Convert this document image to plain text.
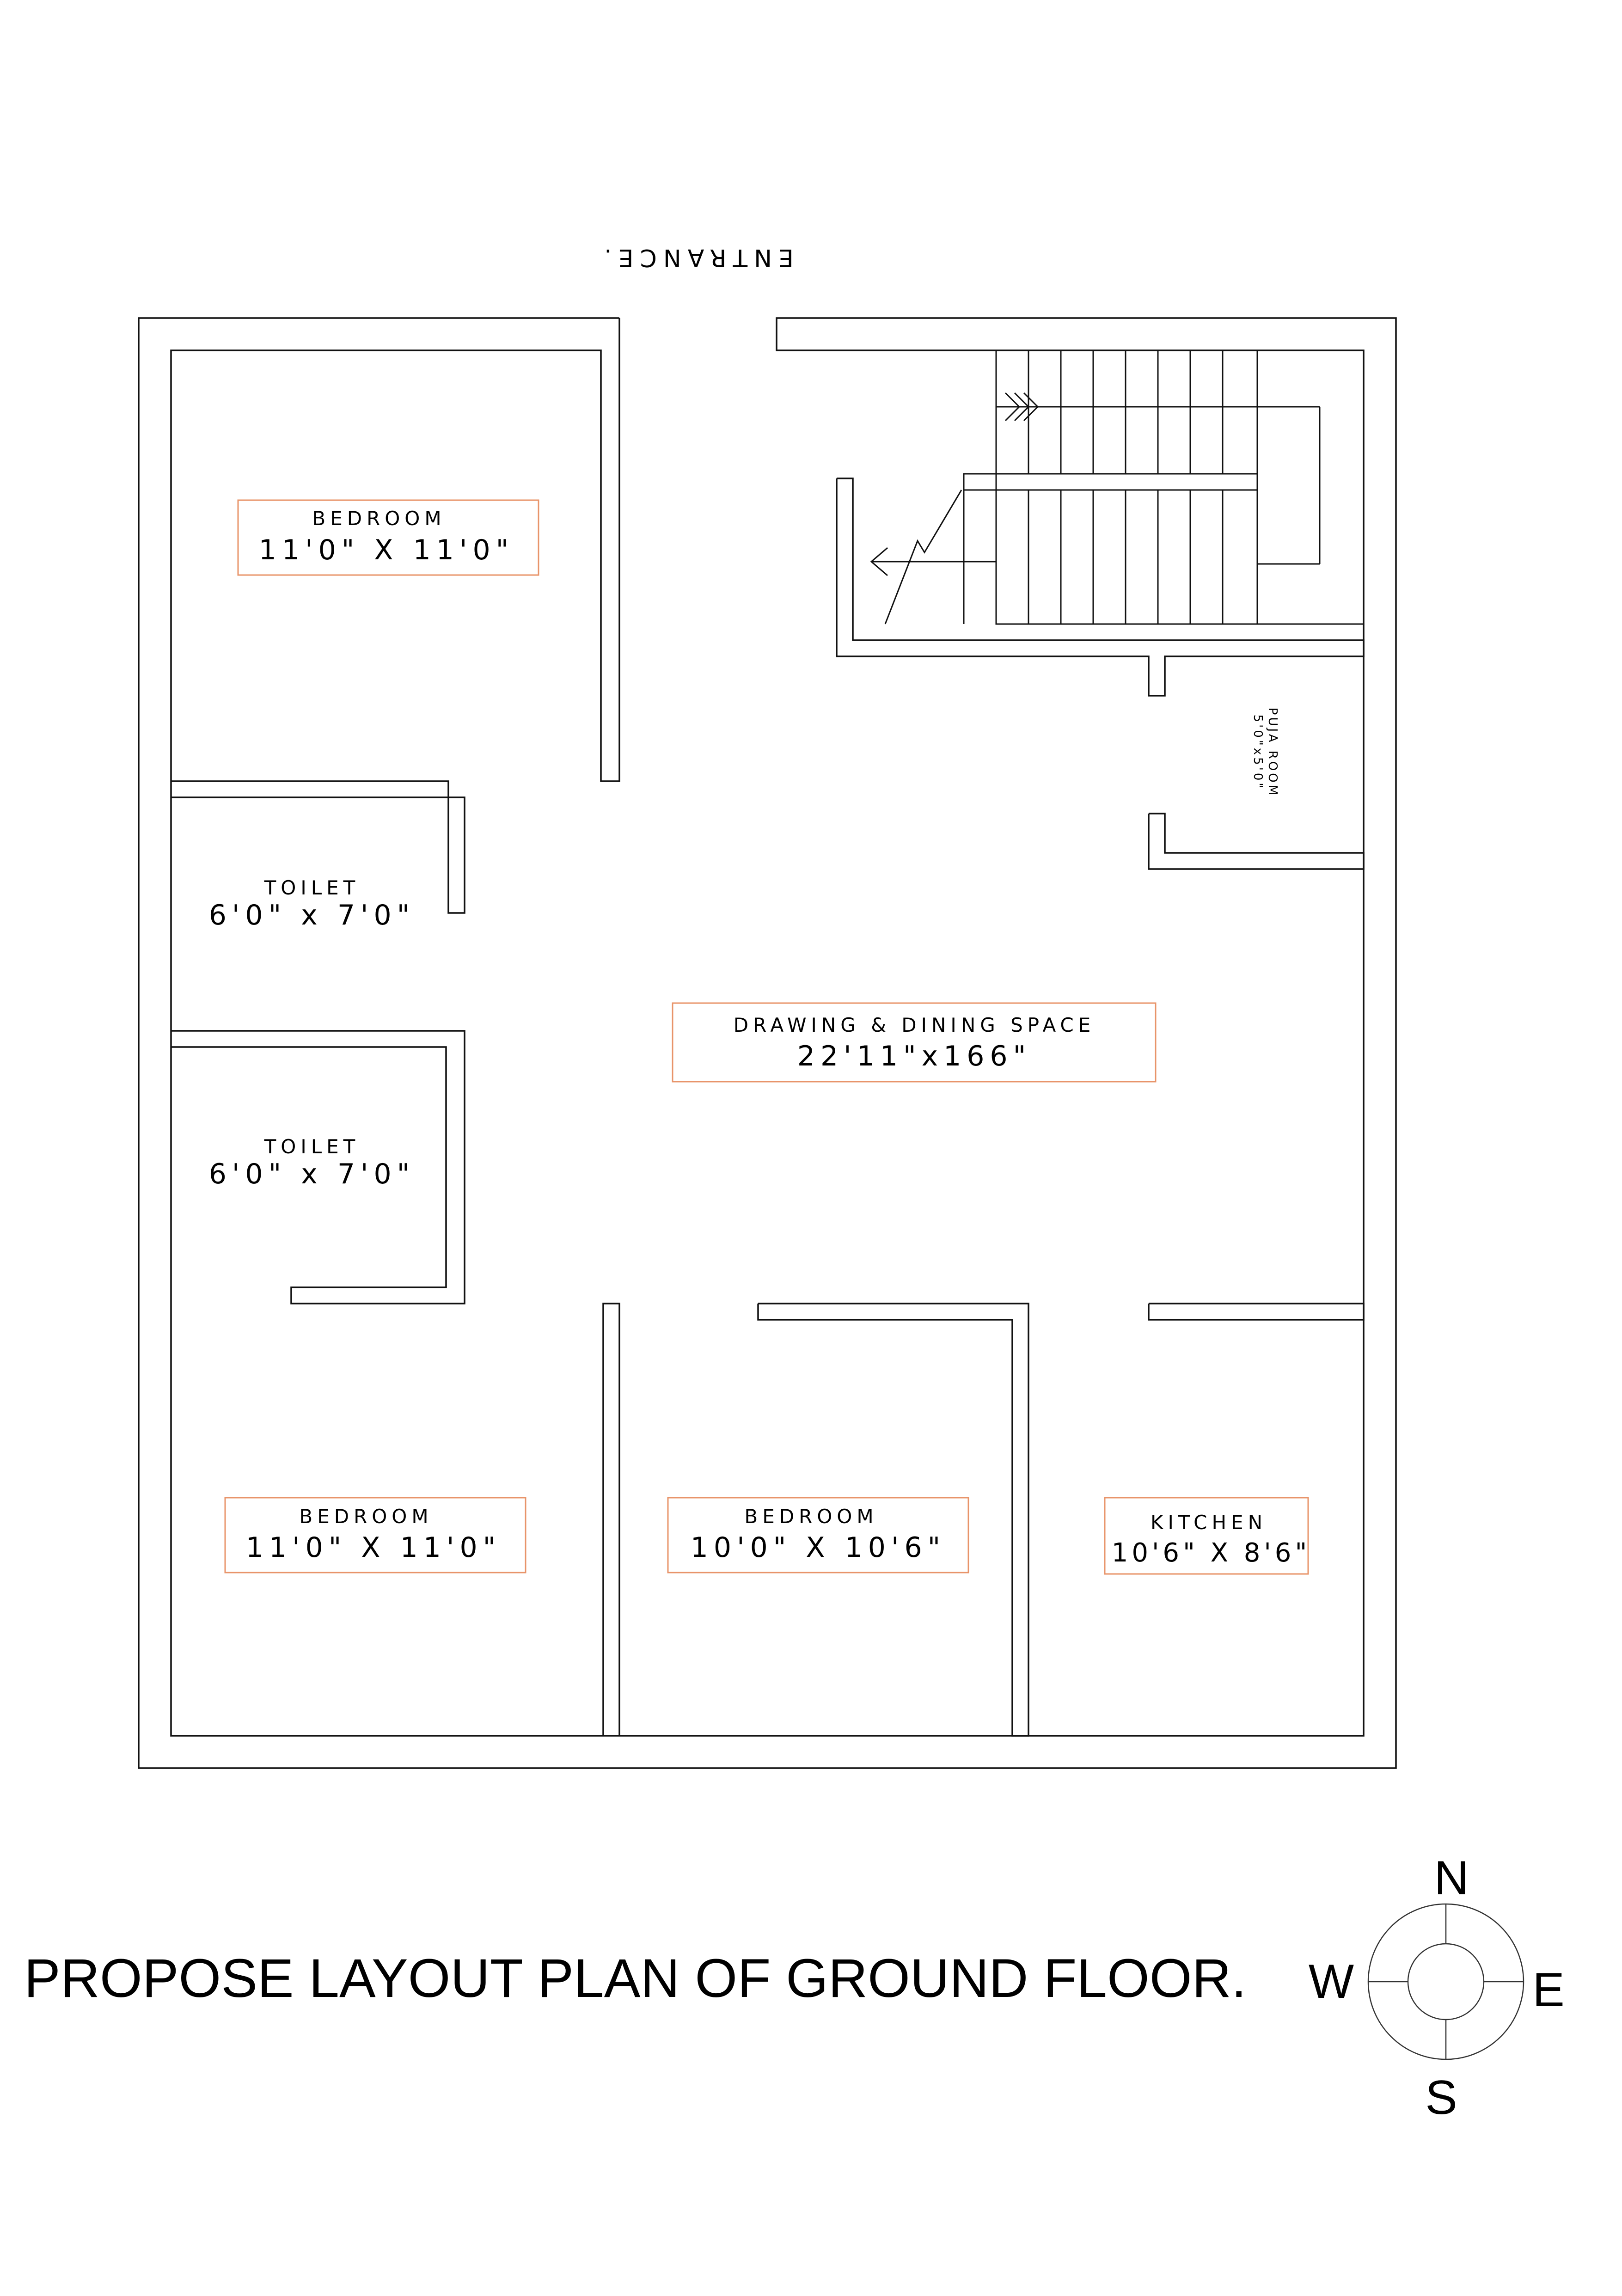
ENTRANCE.
BEDROOM
11'0" X 11'0"
TOILET
6'0" x 7'0"
TOILET
6'0" x 7'0"
DRAWING & DINING SPACE
22'11"x166"
PUJA ROOM
5'0"x5'0"
BEDROOM
11'0" X 11'0"
BEDROOM
10'0" X 10'6"
KITCHEN
10'6" X 8'6"
PROPOSE LAYOUT PLAN OF GROUND FLOOR.
N
S
E
W
